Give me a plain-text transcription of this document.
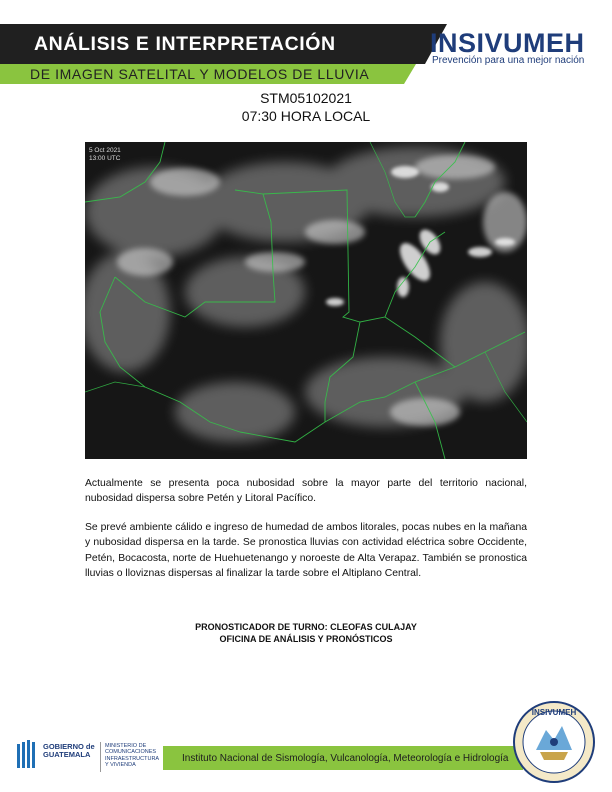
ANÁLISIS E INTERPRETACIÓN
DE IMAGEN SATELITAL Y MODELOS DE LLUVIA
INSIVUMEH
Prevención para una mejor nación
STM05102021
07:30 HORA LOCAL
5 Oct 2021
13:00 UTC
Actualmente se presenta poca nubosidad sobre la mayor parte del territorio nacional, nubosidad dispersa sobre Petén y Litoral Pacífico.
Se prevé ambiente cálido e ingreso de humedad de ambos litorales, pocas nubes en la mañana y nubosidad dispersa en la tarde. Se pronostica lluvias con actividad eléctrica sobre Occidente, Petén, Bocacosta, norte de Huehuetenango y noroeste de Alta Verapaz. También se pronostica lluvias o lloviznas dispersas al finalizar la tarde sobre el Altiplano Central.
PRONOSTICADOR DE TURNO: CLEOFAS CULAJAY
OFICINA DE ANÁLISIS Y PRONÓSTICOS
GOBIERNO de
GUATEMALA
MINISTERIO DE
COMUNICACIONES
INFRAESTRUCTURA
Y VIVIENDA
Instituto Nacional de Sismología, Vulcanología, Meteorología e Hidrología
INSIVUMEH
